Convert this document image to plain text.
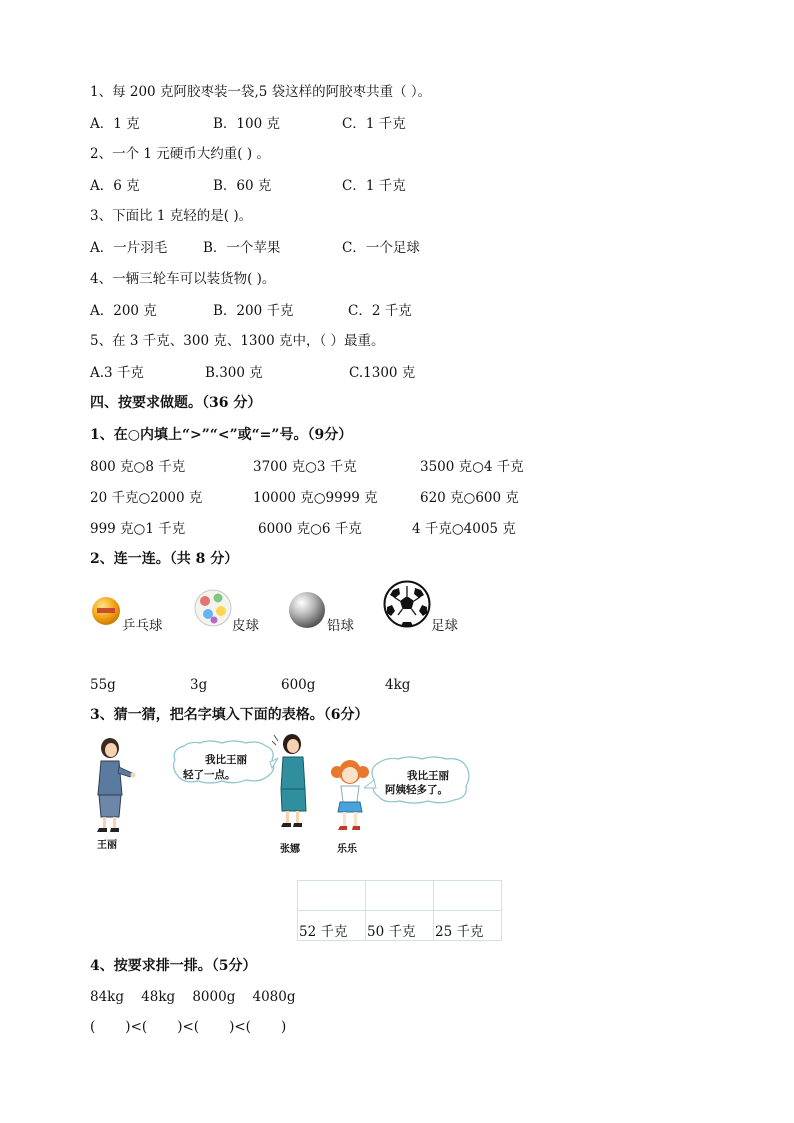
1、每 200 克阿胶枣装一袋,5 袋这样的阿胶枣共重（ ）。
A．1 克	B．100 克	C．1 千克
2、一个 1 元硬币大约重( ) 。
A．6 克	B．60 克	C．1 千克
3、下面比 1 克轻的是( )。
A．一片羽毛	B．一个苹果	C．一个足球
4、一辆三轮车可以装货物( )。
A．200 克	B．200 千克	C．2 千克
5、在 3 千克、300 克、1300 克中，（ ）最重。
A.3 千克	B.300 克	C.1300 克
四、按要求做题。（36 分）
1、在○内填上“>”“<”或“=”号。（9分）
800 克○8 千克	3700 克○3 千克	3500 克○4 千克
20 千克○2000 克	10000 克○9999 克	620 克○600 克
999 克○1 千克	6000 克○6 千克	4 千克○4005 克
2、连一连。（共 8 分）
乒乓球	皮球	铅球	足球
55g	3g	600g	4kg
3、猜一猜，把名字填入下面的表格。（6分）
王丽
我比王丽
轻了一点。
张娜	乐乐
我比王丽
阿姨轻多了。

52 千克	50 千克	25 千克
4、按要求排一排。（5分）
84kg    48kg    8000g    4080g
(       )<(       )<(       )<(       )
